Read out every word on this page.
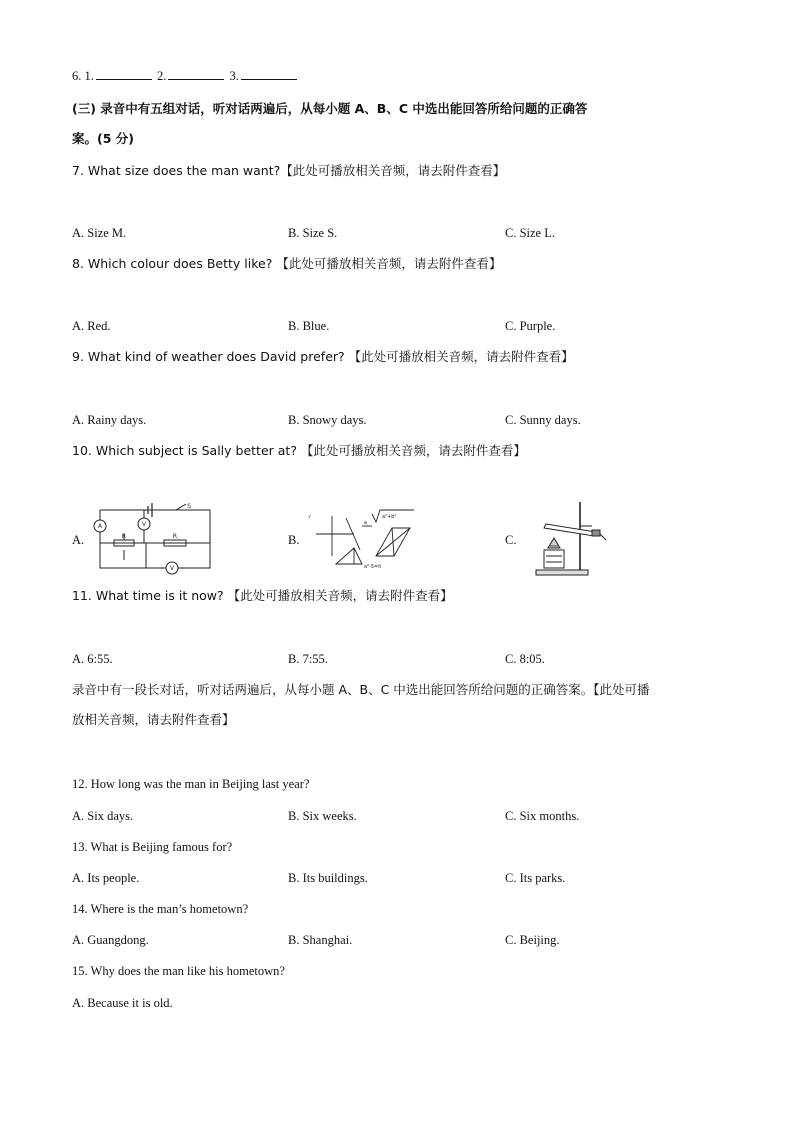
6. 1.	2.	3.
(三) 录音中有五组对话，听对话两遍后，从每小题 A、B、C 中选出能回答所给问题的正确答
案。(5 分)
7. What size does the man want?【此处可播放相关音频，请去附件查看】
A. Size M.	B. Size S.	C. Size L.
8. Which colour does Betty like? 【此处可播放相关音频，请去附件查看】
A. Red.	B. Blue.	C. Purple.
9. What kind of weather does David prefer? 【此处可播放相关音频，请去附件查看】
A. Rainy days.	B. Snowy days.	C. Sunny days.
10. Which subject is Sally better at? 【此处可播放相关音频，请去附件查看】
A.	B.	C.
V
A
V
S
R	R
√
a
a²+b²
a²-5=h
11. What time is it now? 【此处可播放相关音频，请去附件查看】
A. 6:55.	B. 7:55.	C. 8:05.
录音中有一段长对话，听对话两遍后，从每小题 A、B、C 中选出能回答所给问题的正确答案。【此处可播
放相关音频，请去附件查看】
12. How long was the man in Beijing last year?
A. Six days.	B. Six weeks.	C. Six months.
13. What is Beijing famous for?
A. Its people.	B. Its buildings.	C. Its parks.
14. Where is the man’s hometown?
A. Guangdong.	B. Shanghai.	C. Beijing.
15. Why does the man like his hometown?
A. Because it is old.
